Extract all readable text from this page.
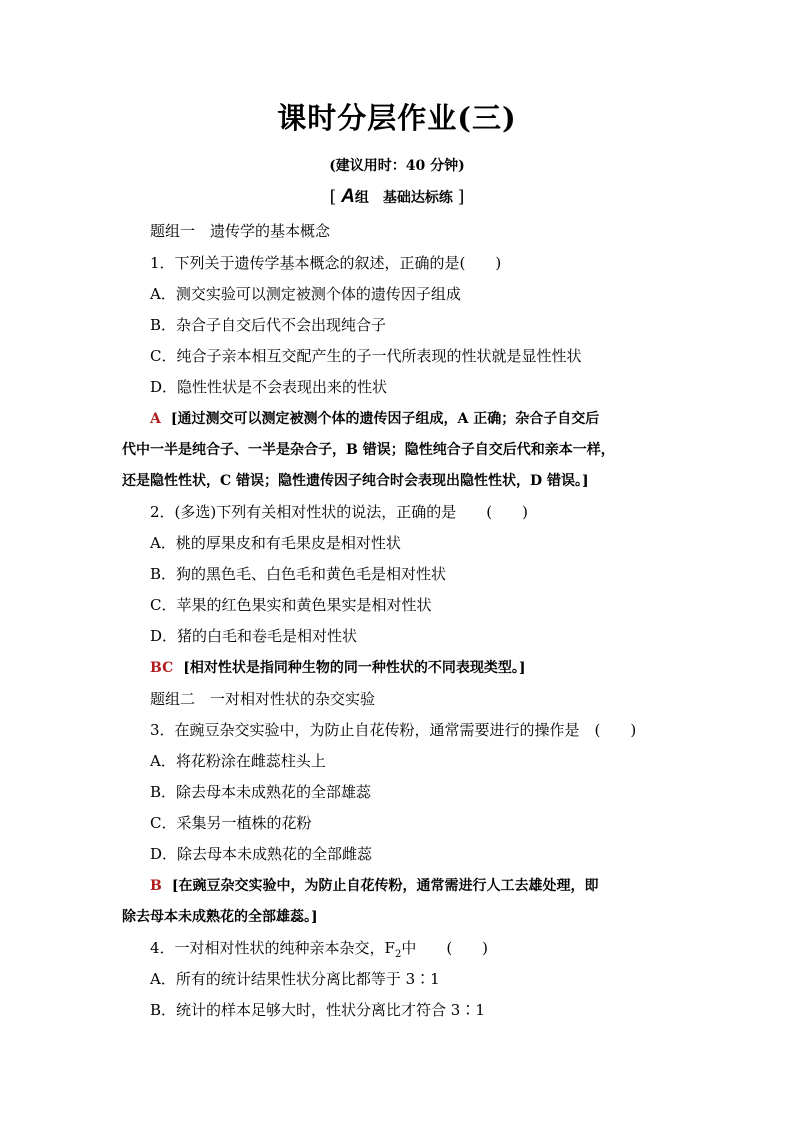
课时分层作业(三)
(建议用时：40 分钟)
[ A组　基础达标练 ]
题组一　遗传学的基本概念
1．下列关于遗传学基本概念的叙述，正确的是(　　)
A．测交实验可以测定被测个体的遗传因子组成
B．杂合子自交后代不会出现纯合子
C．纯合子亲本相互交配产生的子一代所表现的性状就是显性性状
D．隐性性状是不会表现出来的性状
A [通过测交可以测定被测个体的遗传因子组成，A 正确；杂合子自交后
代中一半是纯合子、一半是杂合子，B 错误；隐性纯合子自交后代和亲本一样，
还是隐性性状，C 错误；隐性遗传因子纯合时会表现出隐性性状，D 错误。]
2．(多选)下列有关相对性状的说法，正确的是　　(　　)
A．桃的厚果皮和有毛果皮是相对性状
B．狗的黑色毛、白色毛和黄色毛是相对性状
C．苹果的红色果实和黄色果实是相对性状
D．猪的白毛和卷毛是相对性状
BC [相对性状是指同种生物的同一种性状的不同表现类型。]
题组二　一对相对性状的杂交实验
3．在豌豆杂交实验中，为防止自花传粉，通常需要进行的操作是　(　　)
A．将花粉涂在雌蕊柱头上
B．除去母本未成熟花的全部雄蕊
C．采集另一植株的花粉
D．除去母本未成熟花的全部雌蕊
B [在豌豆杂交实验中，为防止自花传粉，通常需进行人工去雄处理，即
除去母本未成熟花的全部雄蕊。]
4．一对相对性状的纯种亲本杂交，$F_2$中　　(　　)
A．所有的统计结果性状分离比都等于 3∶1
B．统计的样本足够大时，性状分离比才符合 3∶1
